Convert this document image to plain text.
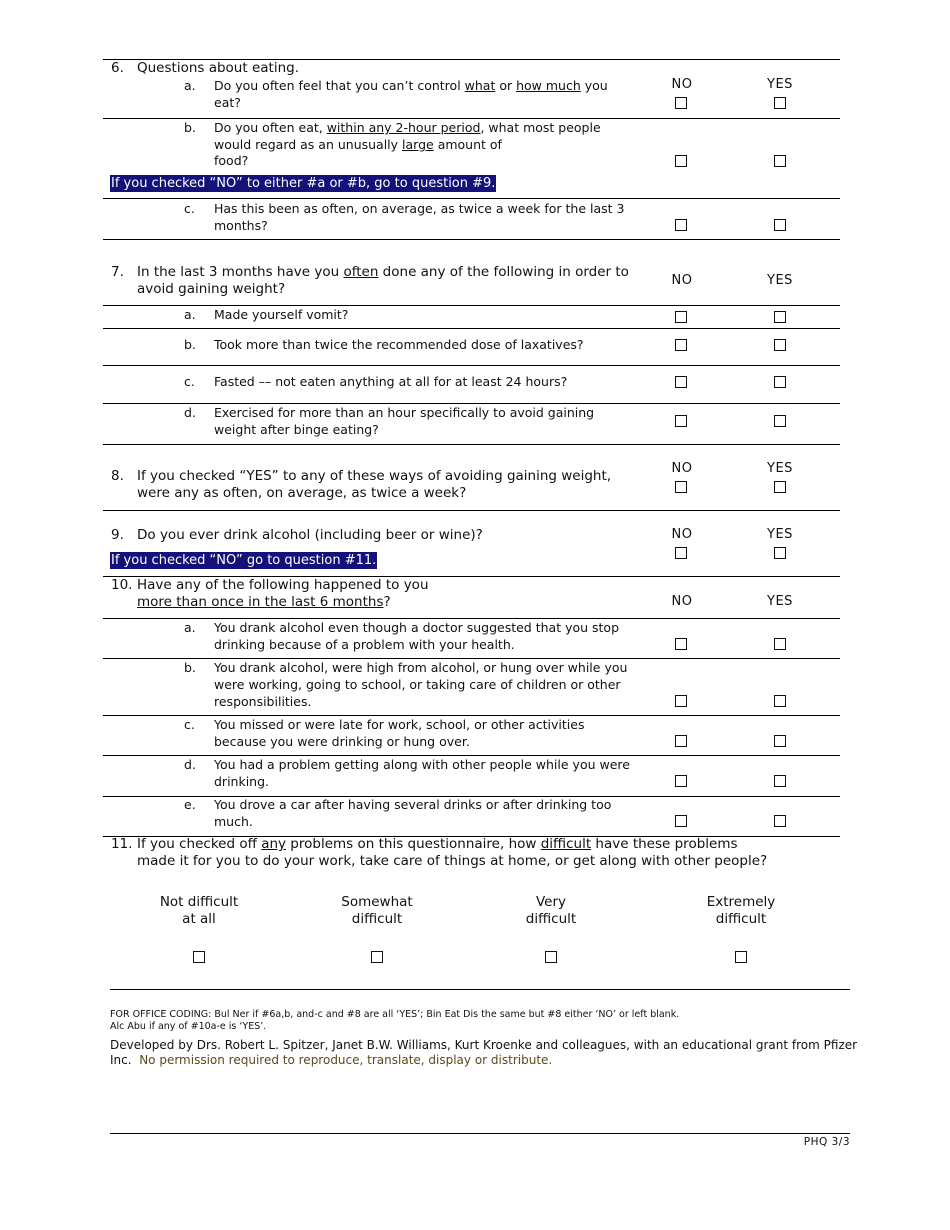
6. Questions about eating.
NO	YES
a. Do you often feel that you can’t control what or how much you
eat?
b. Do you often eat, within any 2-hour period, what most people
would regard as an unusually large amount of
food?
If you checked “NO” to either #a or #b, go to question #9.
c. Has this been as often, on average, as twice a week for the last 3
months?
7. In the last 3 months have you often done any of the following in order to
avoid gaining weight?
NO	YES
a. Made yourself vomit?
b. Took more than twice the recommended dose of laxatives?
c. Fasted –– not eaten anything at all for at least 24 hours?
d. Exercised for more than an hour specifically to avoid gaining
weight after binge eating?
NO	YES
8. If you checked “YES” to any of these ways of avoiding gaining weight,
were any as often, on average, as twice a week?
9. Do you ever drink alcohol (including beer or wine)?	NO	YES
If you checked “NO” go to question #11.
10. Have any of the following happened to you
more than once in the last 6 months?	NO	YES
a. You drank alcohol even though a doctor suggested that you stop
drinking because of a problem with your health.
b. You drank alcohol, were high from alcohol, or hung over while you
were working, going to school, or taking care of children or other
responsibilities.
c. You missed or were late for work, school, or other activities
because you were drinking or hung over.
d. You had a problem getting along with other people while you were
drinking.
e. You drove a car after having several drinks or after drinking too
much.
11. If you checked off any problems on this questionnaire, how difficult have these problems
made it for you to do your work, take care of things at home, or get along with other people?
Not difficult
at all
Somewhat
difficult
Very
difficult
Extremely
difficult
FOR OFFICE CODING: Bul Ner if #6a,b, and-c and #8 are all ‘YES’; Bin Eat Dis the same but #8 either ‘NO’ or left blank.
Alc Abu if any of #10a-e is ‘YES’.
Developed by Drs. Robert L. Spitzer, Janet B.W. Williams, Kurt Kroenke and colleagues, with an educational grant from Pfizer
Inc. No permission required to reproduce, translate, display or distribute.
PHQ 3/3
